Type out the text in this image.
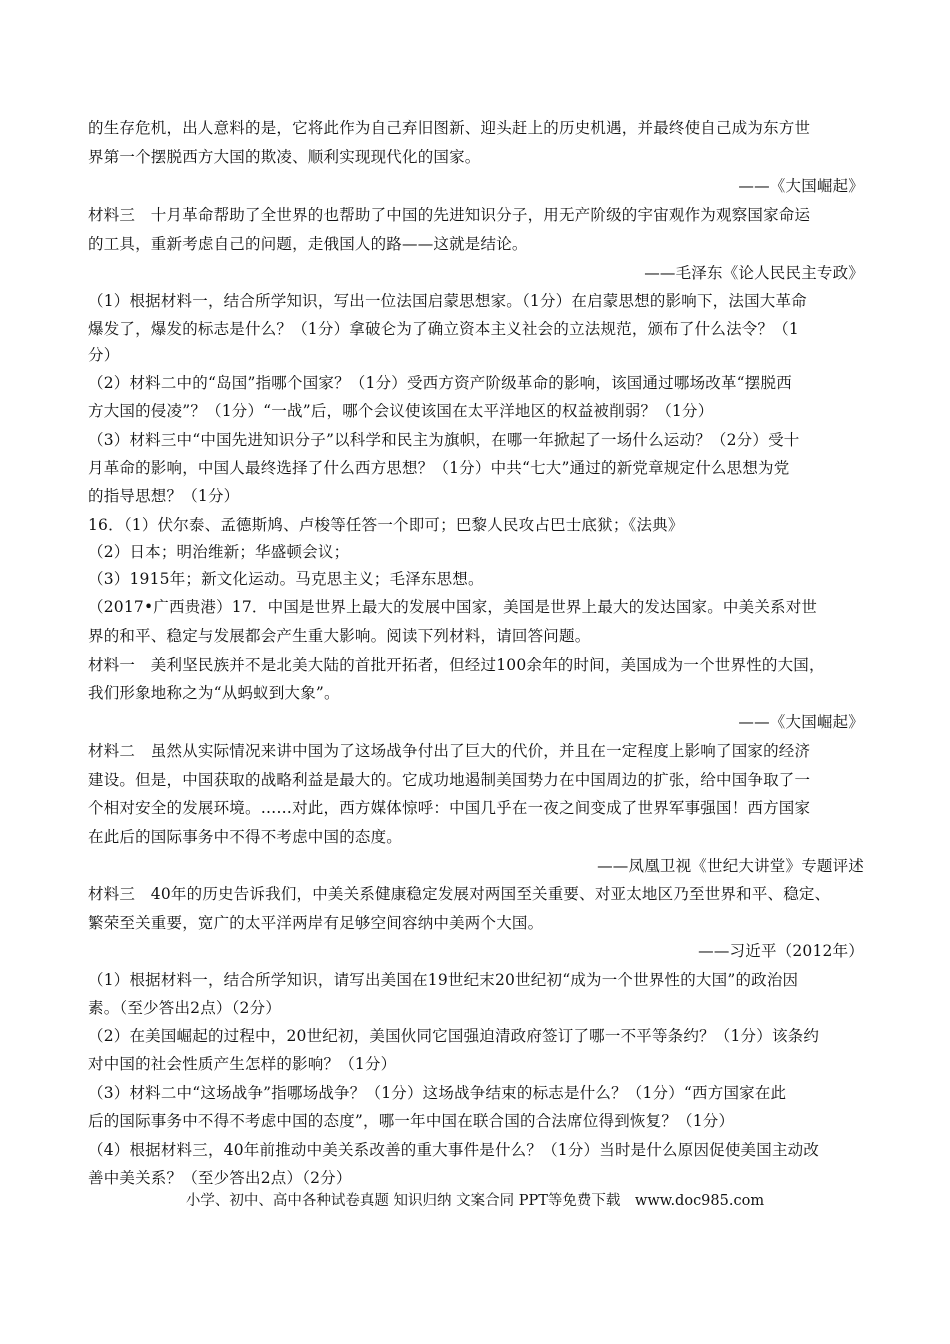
的生存危机，出人意料的是，它将此作为自己弃旧图新、迎头赶上的历史机遇，并最终使自己成为东方世
界第一个摆脱西方大国的欺凌、顺利实现现代化的国家。
——《大国崛起》
材料三　十月革命帮助了全世界的也帮助了中国的先进知识分子，用无产阶级的宇宙观作为观察国家命运
的工具，重新考虑自己的问题，走俄国人的路——这就是结论。
——毛泽东《论人民民主专政》
（1）根据材料一，结合所学知识，写出一位法国启蒙思想家。（1分）在启蒙思想的影响下，法国大革命
爆发了，爆发的标志是什么？（1分）拿破仑为了确立资本主义社会的立法规范，颁布了什么法令？（1
分）
（2）材料二中的“岛国”指哪个国家？（1分）受西方资产阶级革命的影响，该国通过哪场改革“摆脱西
方大国的侵凌”？（1分）“一战”后，哪个会议使该国在太平洋地区的权益被削弱？（1分）
（3）材料三中“中国先进知识分子”以科学和民主为旗帜，在哪一年掀起了一场什么运动？（2分）受十
月革命的影响，中国人最终选择了什么西方思想？（1分）中共“七大”通过的新党章规定什么思想为党
的指导思想？（1分）
16．（1）伏尔泰、孟德斯鸠、卢梭等任答一个即可；巴黎人民攻占巴士底狱；《法典》
（2）日本；明治维新；华盛顿会议；
（3）1915年；新文化运动。马克思主义；毛泽东思想。
（2017•广西贵港）17．中国是世界上最大的发展中国家，美国是世界上最大的发达国家。中美关系对世
界的和平、稳定与发展都会产生重大影响。阅读下列材料，请回答问题。
材料一　美利坚民族并不是北美大陆的首批开拓者，但经过100余年的时间，美国成为一个世界性的大国，
我们形象地称之为“从蚂蚁到大象”。
——《大国崛起》
材料二　虽然从实际情况来讲中国为了这场战争付出了巨大的代价，并且在一定程度上影响了国家的经济
建设。但是，中国获取的战略利益是最大的。它成功地遏制美国势力在中国周边的扩张，给中国争取了一
个相对安全的发展环境。……对此，西方媒体惊呼：中国几乎在一夜之间变成了世界军事强国！西方国家
在此后的国际事务中不得不考虑中国的态度。
——凤凰卫视《世纪大讲堂》专题评述
材料三　40年的历史告诉我们，中美关系健康稳定发展对两国至关重要、对亚太地区乃至世界和平、稳定、
繁荣至关重要，宽广的太平洋两岸有足够空间容纳中美两个大国。
——习近平（2012年）
（1）根据材料一，结合所学知识，请写出美国在19世纪末20世纪初“成为一个世界性的大国”的政治因
素。（至少答出2点）（2分）
（2）在美国崛起的过程中，20世纪初，美国伙同它国强迫清政府签订了哪一不平等条约？（1分）该条约
对中国的社会性质产生怎样的影响？（1分）
（3）材料二中“这场战争”指哪场战争？（1分）这场战争结束的标志是什么？（1分）“西方国家在此
后的国际事务中不得不考虑中国的态度”，哪一年中国在联合国的合法席位得到恢复？（1分）
（4）根据材料三，40年前推动中美关系改善的重大事件是什么？（1分）当时是什么原因促使美国主动改
善中美关系？（至少答出2点）（2分）
小学、初中、高中各种试卷真题 知识归纳 文案合同 PPT等免费下载　www.doc985.com
